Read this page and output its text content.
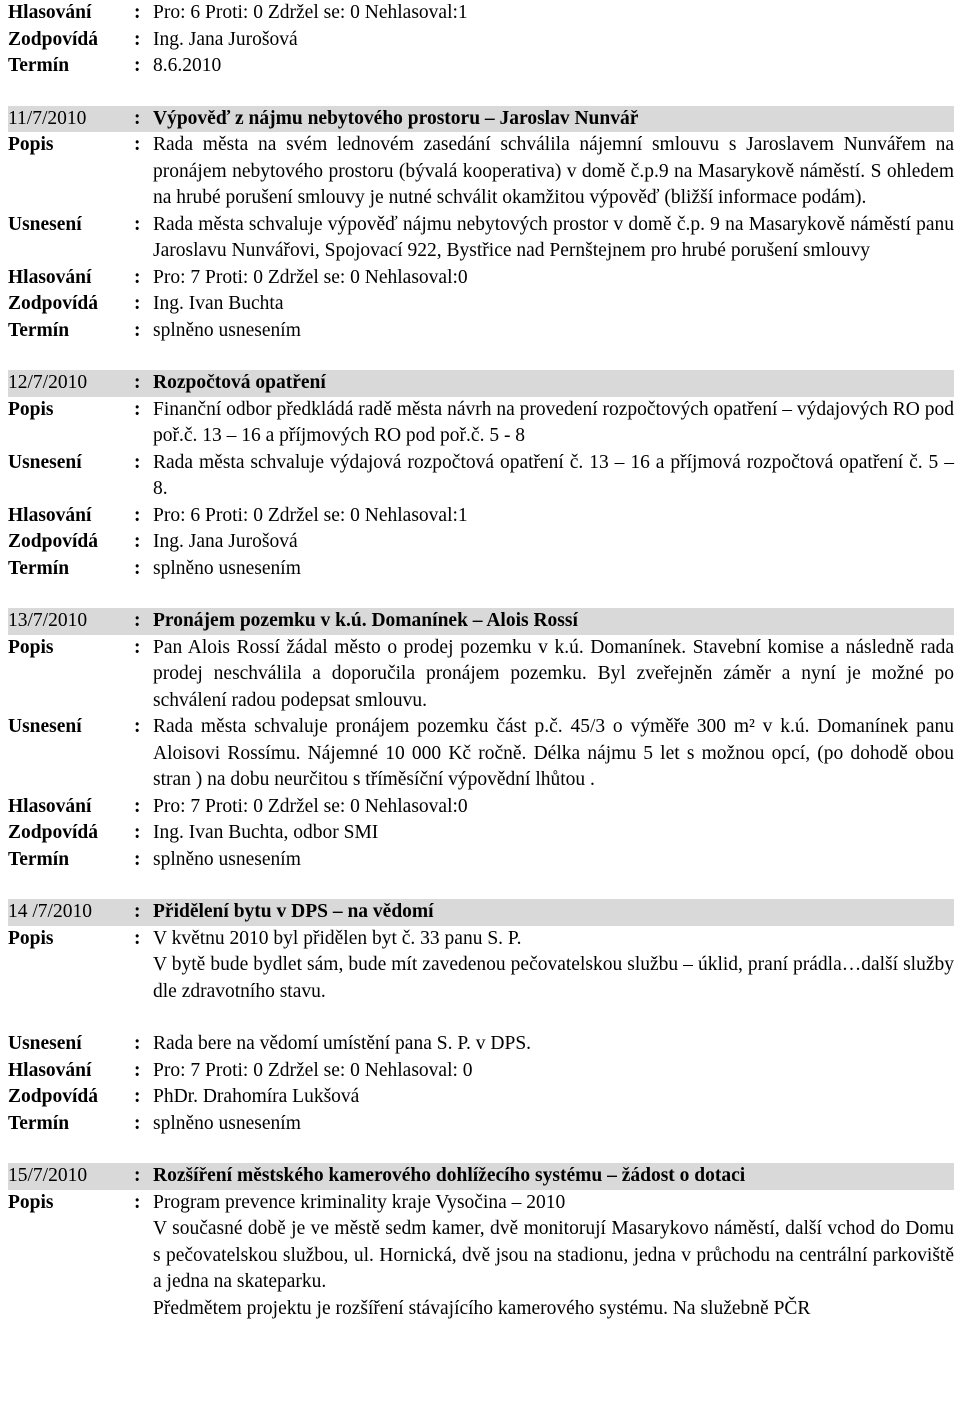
Hlasování	: Pro: 6 Proti: 0 Zdržel se: 0 Nehlasoval:1
Zodpovídá	: Ing. Jana Jurošová
Termín	: 8.6.2010
11/7/2010	: Výpověď z nájmu nebytového prostoru – Jaroslav Nunvář
Popis	: Rada města na svém lednovém zasedání schválila nájemní smlouvu s Jaroslavem Nunvářem na pronájem nebytového prostoru (bývalá kooperativa) v domě č.p.9 na Masarykově náměstí. S ohledem na hrubé porušení smlouvy je nutné schválit okamžitou výpověď (bližší informace podám).
Usnesení	: Rada města schvaluje výpověď nájmu nebytových prostor v domě č.p. 9 na Masarykově náměstí panu Jaroslavu Nunvářovi, Spojovací 922, Bystřice nad Pernštejnem pro hrubé porušení smlouvy
Hlasování	: Pro: 7 Proti: 0 Zdržel se: 0 Nehlasoval:0
Zodpovídá	: Ing. Ivan Buchta
Termín	: splněno usnesením
12/7/2010	: Rozpočtová opatření
Popis	: Finanční odbor předkládá radě města návrh na provedení rozpočtových opatření – výdajových RO pod poř.č. 13 – 16 a příjmových RO pod poř.č. 5 - 8
Usnesení	: Rada města schvaluje výdajová rozpočtová opatření č. 13 – 16 a příjmová rozpočtová opatření č. 5 – 8.
Hlasování	: Pro: 6 Proti: 0 Zdržel se: 0 Nehlasoval:1
Zodpovídá	: Ing. Jana Jurošová
Termín	: splněno usnesením
13/7/2010	: Pronájem pozemku v k.ú. Domanínek – Alois Rossí
Popis	: Pan Alois Rossí žádal město o prodej pozemku v k.ú. Domanínek. Stavební komise a následně rada prodej neschválila a doporučila pronájem pozemku. Byl zveřejněn záměr a nyní je možné po schválení radou podepsat smlouvu.
Usnesení	: Rada města schvaluje pronájem pozemku část p.č. 45/3 o výměře 300 m² v k.ú. Domanínek panu Aloisovi Rossímu. Nájemné 10 000 Kč ročně. Délka nájmu 5 let s možnou opcí, (po dohodě obou stran ) na dobu neurčitou s tříměsíční výpovědní lhůtou .
Hlasování	: Pro: 7 Proti: 0 Zdržel se: 0 Nehlasoval:0
Zodpovídá	: Ing. Ivan Buchta, odbor SMI
Termín	: splněno usnesením
14 /7/2010	: Přidělení bytu v DPS – na vědomí
Popis	: V květnu 2010 byl přidělen byt č. 33 panu S. P.
V bytě bude bydlet sám, bude mít zavedenou pečovatelskou službu – úklid, praní prádla…další služby dle zdravotního stavu.
Usnesení	: Rada bere na vědomí umístění pana S. P. v DPS.
Hlasování	: Pro: 7 Proti: 0 Zdržel se: 0 Nehlasoval: 0
Zodpovídá	: PhDr. Drahomíra Lukšová
Termín	: splněno usnesením
15/7/2010	: Rozšíření městského kamerového dohlížecího systému – žádost o dotaci
Popis	: Program prevence kriminality kraje Vysočina – 2010
V současné době je ve městě sedm kamer, dvě monitorují Masarykovo náměstí, další vchod do Domu s pečovatelskou službou, ul. Hornická, dvě jsou na stadionu, jedna v průchodu na centrální parkoviště a jedna na skateparku.
Předmětem projektu je rozšíření stávajícího kamerového systému. Na služebně PČR
